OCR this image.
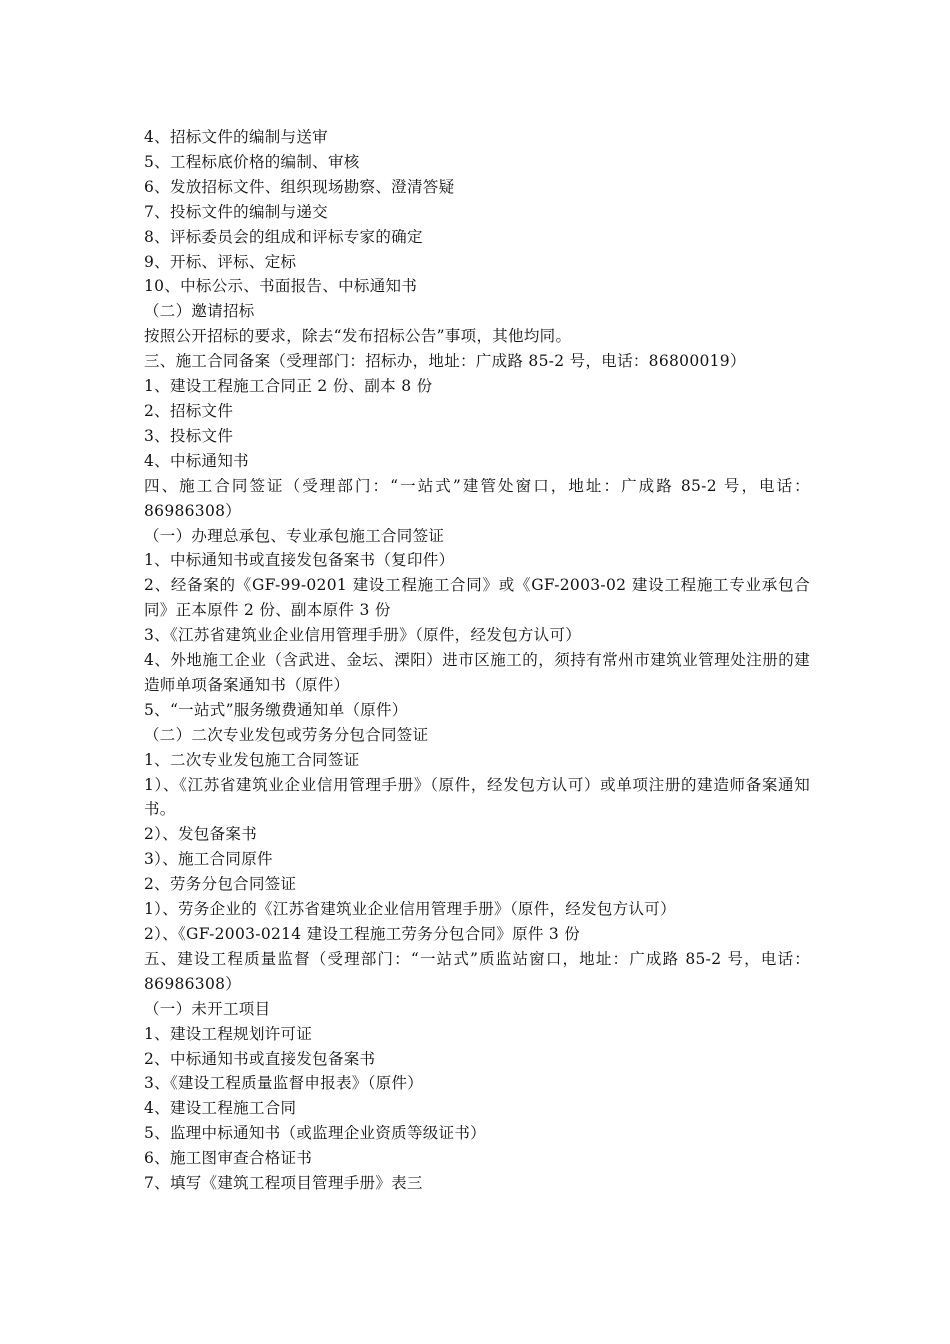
4、招标文件的编制与送审

5、工程标底价格的编制、审核

6、发放招标文件、组织现场勘察、澄清答疑

7、投标文件的编制与递交

8、评标委员会的组成和评标专家的确定

9、开标、评标、定标

10、中标公示、书面报告、中标通知书

（二）邀请招标

按照公开招标的要求，除去“发布招标公告”事项，其他均同。

三、施工合同备案（受理部门：招标办，地址：广成路 85-2 号，电话：86800019）

1、建设工程施工合同正 2 份、副本 8 份

2、招标文件

3、投标文件

4、中标通知书

四、施工合同签证（受理部门：“一站式”建管处窗口，地址：广成路 85-2 号，电话：86986308）

（一）办理总承包、专业承包施工合同签证

1、中标通知书或直接发包备案书（复印件）

2、经备案的《GF-99-0201 建设工程施工合同》或《GF-2003-02 建设工程施工专业承包合同》正本原件 2 份、副本原件 3 份

3、《江苏省建筑业企业信用管理手册》（原件，经发包方认可）

4、外地施工企业（含武进、金坛、溧阳）进市区施工的，须持有常州市建筑业管理处注册的建造师单项备案通知书（原件）

5、“一站式”服务缴费通知单（原件）

（二）二次专业发包或劳务分包合同签证

1、二次专业发包施工合同签证

1）、《江苏省建筑业企业信用管理手册》（原件，经发包方认可）或单项注册的建造师备案通知书。

2）、发包备案书

3）、施工合同原件

2、劳务分包合同签证

1）、劳务企业的《江苏省建筑业企业信用管理手册》（原件，经发包方认可）

2）、《GF-2003-0214 建设工程施工劳务分包合同》原件 3 份

五、建设工程质量监督（受理部门：“一站式”质监站窗口，地址：广成路 85-2 号，电话：86986308）

（一）未开工项目

1、建设工程规划许可证

2、中标通知书或直接发包备案书

3、《建设工程质量监督申报表》（原件）

4、建设工程施工合同

5、监理中标通知书（或监理企业资质等级证书）

6、施工图审查合格证书

7、填写《建筑工程项目管理手册》表三
